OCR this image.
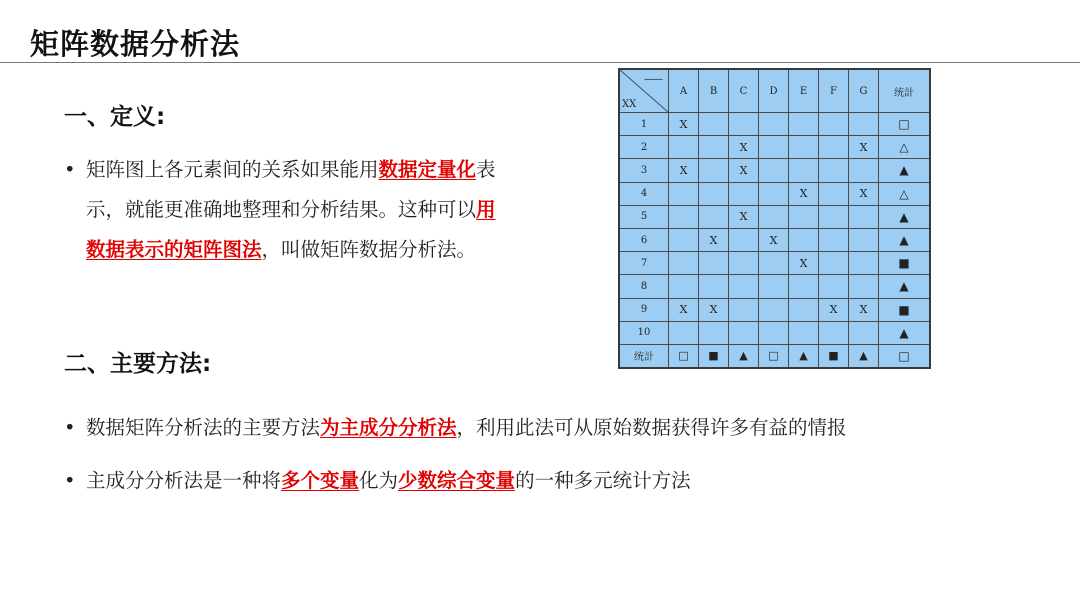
矩阵数据分析法
一、定义:
• 矩阵图上各元素间的关系如果能用数据定量化表示，就能更准确地整理和分析结果。这种可以用数据表示的矩阵图法，叫做矩阵数据分析法。
二、主要方法:
• 数据矩阵分析法的主要方法为主成分分析法，利用此法可从原始数据获得许多有益的情报
• 主成分分析法是一种将多个变量化为少数综合变量的一种多元统计方法
XX
——	A	B	C	D	E	F	G	统計
1	X							□
2			X				X	△
3	X		X					▲
4					X		X	△
5			X					▲
6		X		X				▲
7					X			■
8								▲
9	X	X				X	X	■
10								▲
统計	□	■	▲	□	▲	■	▲	□
